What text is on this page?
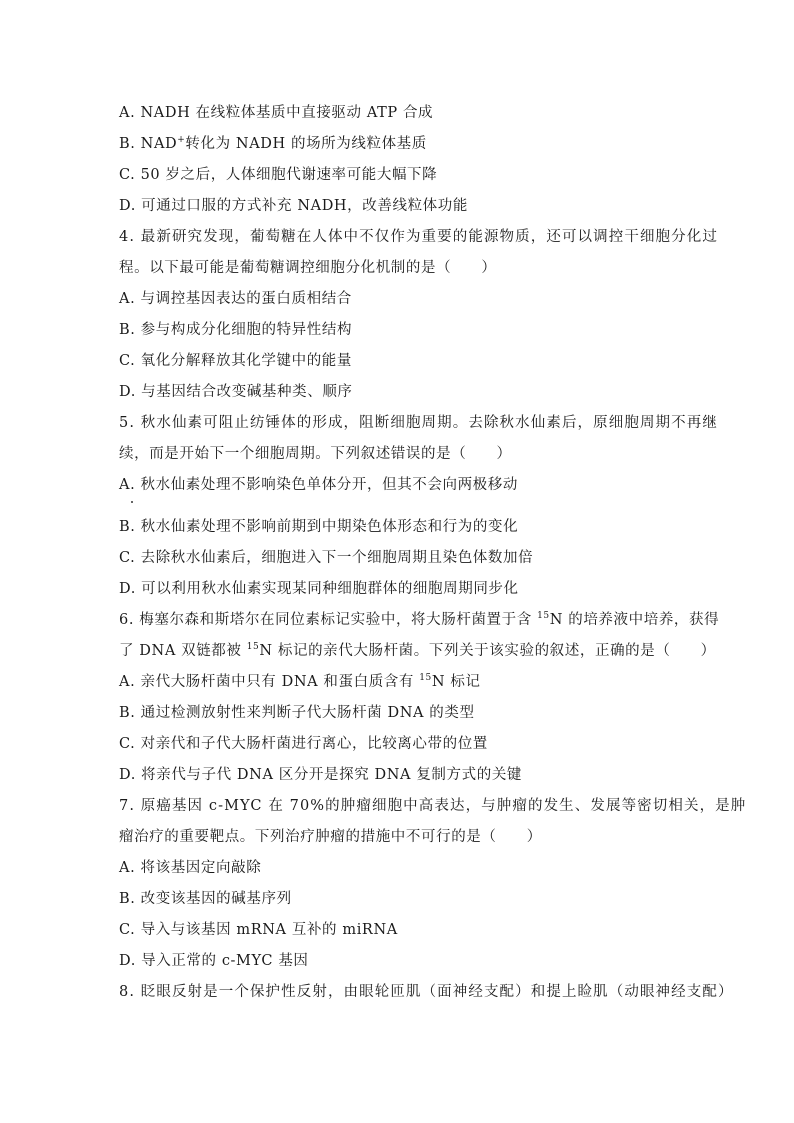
A. NADH 在线粒体基质中直接驱动 ATP 合成
B. NAD+转化为 NADH 的场所为线粒体基质
C. 50 岁之后，人体细胞代谢速率可能大幅下降
D. 可通过口服的方式补充 NADH，改善线粒体功能
4. 最新研究发现，葡萄糖在人体中不仅作为重要的能源物质，还可以调控干细胞分化过
程。以下最可能是葡萄糖调控细胞分化机制的是（　　）
A. 与调控基因表达的蛋白质相结合
B. 参与构成分化细胞的特异性结构
C. 氧化分解释放其化学键中的能量
D. 与基因结合改变碱基种类、顺序
5. 秋水仙素可阻止纺锤体的形成，阻断细胞周期。去除秋水仙素后，原细胞周期不再继
续，而是开始下一个细胞周期。下列叙述错误的是（　　）
A. 秋水仙素处理不影响染色单体分开，但其不会向两极移动
B. 秋水仙素处理不影响前期到中期染色体形态和行为的变化
C. 去除秋水仙素后，细胞进入下一个细胞周期且染色体数加倍
D. 可以利用秋水仙素实现某同种细胞群体的细胞周期同步化
6. 梅塞尔森和斯塔尔在同位素标记实验中，将大肠杆菌置于含 $^{15}$N 的培养液中培养，获得
了 DNA 双链都被 $^{15}$N 标记的亲代大肠杆菌。下列关于该实验的叙述，正确的是（　　）
A. 亲代大肠杆菌中只有 DNA 和蛋白质含有 $^{15}$N 标记
B. 通过检测放射性来判断子代大肠杆菌 DNA 的类型
C. 对亲代和子代大肠杆菌进行离心，比较离心带的位置
D. 将亲代与子代 DNA 区分开是探究 DNA 复制方式的关键
7. 原癌基因 c-MYC 在 70%的肿瘤细胞中高表达，与肿瘤的发生、发展等密切相关，是肿
瘤治疗的重要靶点。下列治疗肿瘤的措施中不可行的是（　　）
A. 将该基因定向敲除
B. 改变该基因的碱基序列
C. 导入与该基因 mRNA 互补的 miRNA
D. 导入正常的 c-MYC 基因
8. 眨眼反射是一个保护性反射，由眼轮匝肌（面神经支配）和提上睑肌（动眼神经支配）
